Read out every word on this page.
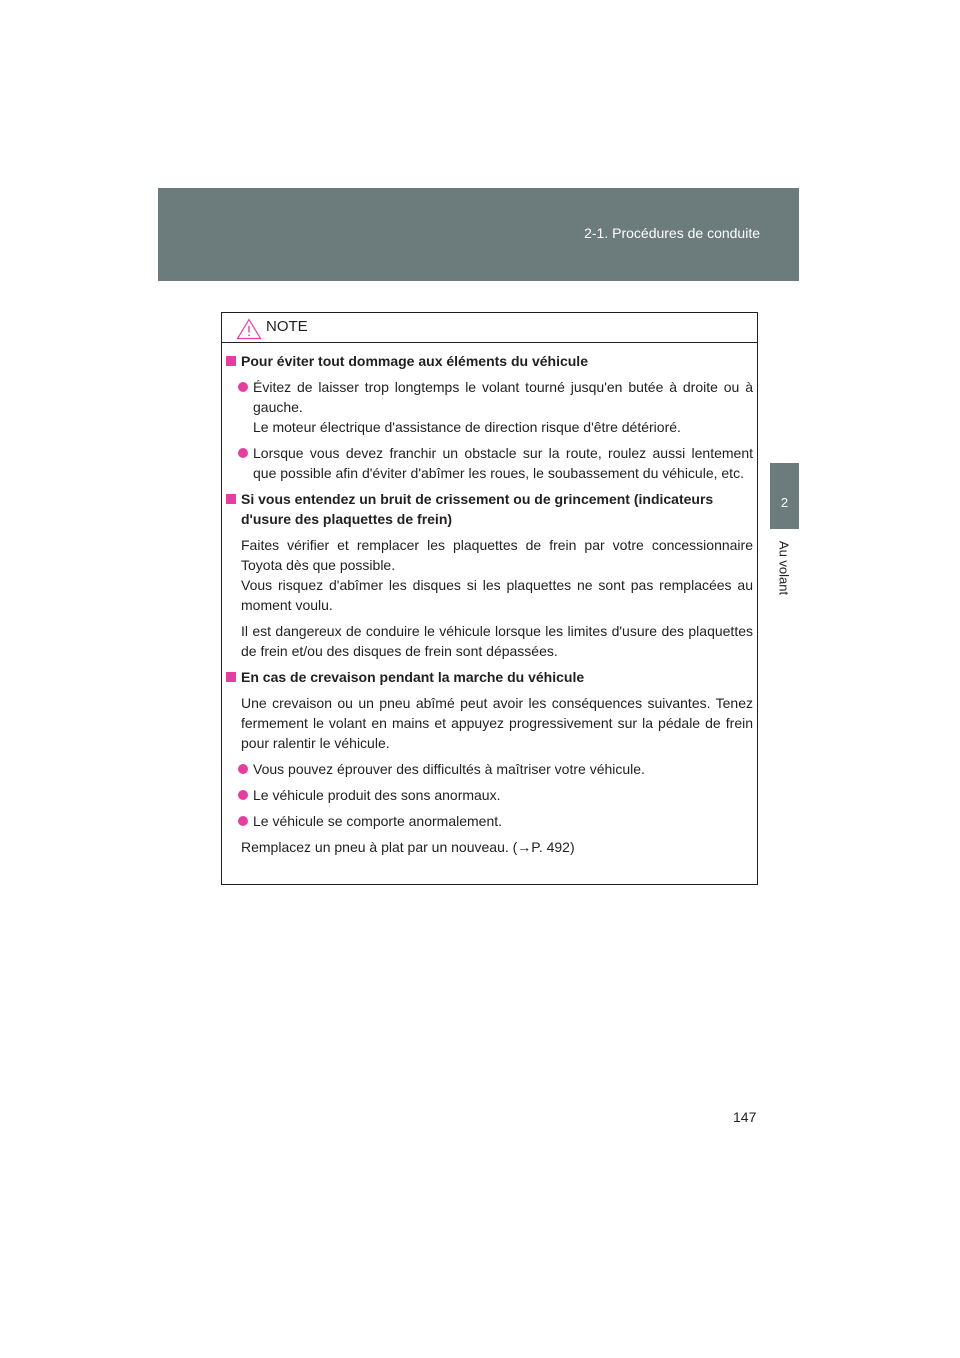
2-1. Procédures de conduite
2
Au volant
NOTE
Pour éviter tout dommage aux éléments du véhicule
Évitez de laisser trop longtemps le volant tourné jusqu'en butée à droite ou à gauche.
Le moteur électrique d'assistance de direction risque d'être détérioré.
Lorsque vous devez franchir un obstacle sur la route, roulez aussi lentement que possible afin d'éviter d'abîmer les roues, le soubassement du véhicule, etc.
Si vous entendez un bruit de crissement ou de grincement (indicateurs d'usure des plaquettes de frein)
Faites vérifier et remplacer les plaquettes de frein par votre concessionnaire Toyota dès que possible.
Vous risquez d'abîmer les disques si les plaquettes ne sont pas remplacées au moment voulu.
Il est dangereux de conduire le véhicule lorsque les limites d'usure des plaquettes de frein et/ou des disques de frein sont dépassées.
En cas de crevaison pendant la marche du véhicule
Une crevaison ou un pneu abîmé peut avoir les conséquences suivantes. Tenez fermement le volant en mains et appuyez progressivement sur la pédale de frein pour ralentir le véhicule.
Vous pouvez éprouver des difficultés à maîtriser votre véhicule.
Le véhicule produit des sons anormaux.
Le véhicule se comporte anormalement.
Remplacez un pneu à plat par un nouveau. (→P. 492)
147
